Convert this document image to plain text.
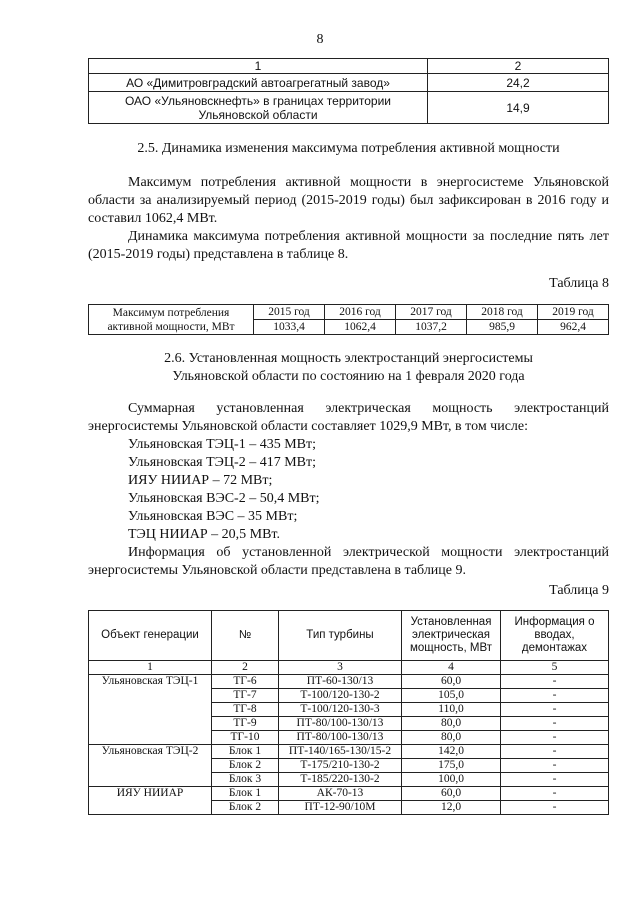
8
1	2
АО «Димитровградский автоагрегатный завод»	24,2
ОАО «Ульяновскнефть» в границах территории Ульяновской области	14,9
2.5. Динамика изменения максимума потребления активной мощности
Максимум потребления активной мощности в энергосистеме Ульяновской области за анализируемый период (2015-2019 годы) был зафиксирован в 2016 году и составил 1062,4 МВт.
Динамика максимума потребления активной мощности за последние пять лет (2015-2019 годы) представлена в таблице 8.
Таблица 8
Максимум потребления активной мощности, МВт	2015 год	2016 год	2017 год	2018 год	2019 год
	1033,4	1062,4	1037,2	985,9	962,4
2.6. Установленная мощность электростанций энергосистемы
Ульяновской области по состоянию на 1 февраля 2020 года
Суммарная установленная электрическая мощность электростанций энергосистемы Ульяновской области составляет 1029,9 МВт, в том числе:
Ульяновская ТЭЦ-1 – 435 МВт;
Ульяновская ТЭЦ-2 – 417 МВт;
ИЯУ НИИАР – 72 МВт;
Ульяновская ВЭС-2 – 50,4 МВт;
Ульяновская ВЭС – 35 МВт;
ТЭЦ НИИАР – 20,5 МВт.
Информация об установленной электрической мощности электростанций энергосистемы Ульяновской области представлена в таблице 9.
Таблица 9
Объект генерации	№	Тип турбины	Установленная электрическая мощность, МВт	Информация о вводах, демонтажах
1	2	3	4	5
Ульяновская ТЭЦ-1	ТГ-6	ПТ-60-130/13	60,0	-
	ТГ-7	Т-100/120-130-2	105,0	-
	ТГ-8	Т-100/120-130-3	110,0	-
	ТГ-9	ПТ-80/100-130/13	80,0	-
	ТГ-10	ПТ-80/100-130/13	80,0	-
Ульяновская ТЭЦ-2	Блок 1	ПТ-140/165-130/15-2	142,0	-
	Блок 2	Т-175/210-130-2	175,0	-
	Блок 3	Т-185/220-130-2	100,0	-
ИЯУ НИИАР	Блок 1	АК-70-13	60,0	-
	Блок 2	ПТ-12-90/10М	12,0	-
